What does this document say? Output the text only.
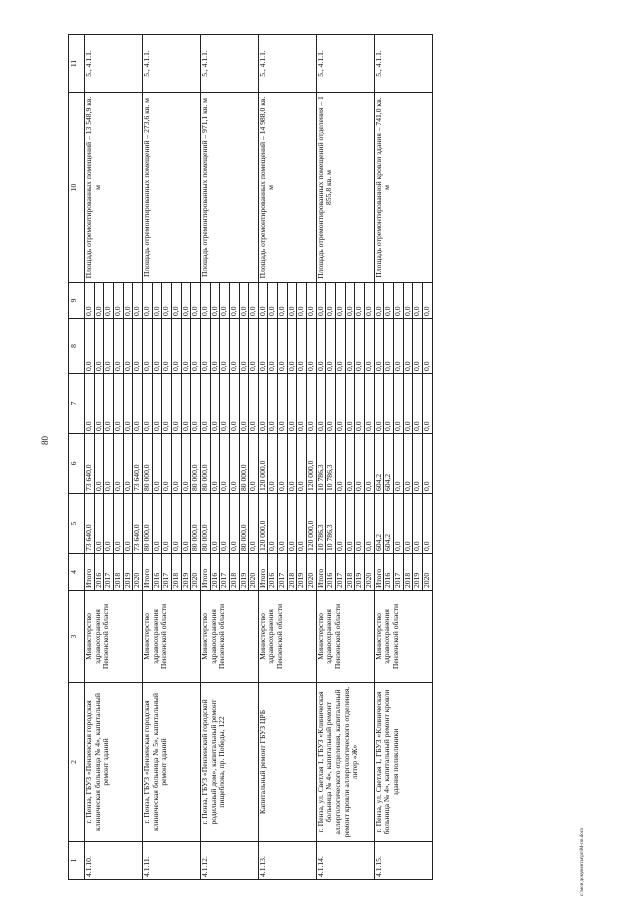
80
1	2	3	4	5	6	7	8	9	10	11
4.1.10.	г. Пенза, ГБУЗ «Пензенская городская клиническая больница № 4», капитальный ремонт зданий	Министерство здравоохранения Пензенской области	Итого	73 640,0	73 640,0	0,0	0,0	0,0	Площадь отремонтированных помещений – 13 548,9 кв. м	5., 4.1.1.
			2016	0,0	0,0	0,0	0,0	0,0		
			2017	0,0	0,0	0,0	0,0	0,0		
			2018	0,0	0,0	0,0	0,0	0,0		
			2019	0,0	0,0	0,0	0,0	0,0		
			2020	73 640,0	73 640,0	0,0	0,0	0,0		
4.1.11.	г. Пенза, ГБУЗ «Пензенская городская клиническая больница № 5», капитальный ремонт зданий	Министерство здравоохранения Пензенской области	Итого	80 000,0	80 000,0	0,0	0,0	0,0	Площадь отремонтированных помещений – 273,6 кв. м	5., 4.1.1.
			2016	0,0	0,0	0,0	0,0	0,0		
			2017	0,0	0,0	0,0	0,0	0,0		
			2018	0,0	0,0	0,0	0,0	0,0		
			2019	0,0	0,0	0,0	0,0	0,0		
			2020	80 000,0	80 000,0	0,0	0,0	0,0		
4.1.12.	г. Пенза, ГБУЗ «Пензенский городской родильный дом», капитальный ремонт пищеблока, пр. Победы, 122	Министерство здравоохранения Пензенской области	Итого	80 000,0	80 000,0	0,0	0,0	0,0	Площадь отремонтированных помещений – 971,1 кв. м	5., 4.1.1.
			2016	0,0	0,0	0,0	0,0	0,0		
			2017	0,0	0,0	0,0	0,0	0,0		
			2018	0,0	0,0	0,0	0,0	0,0		
			2019	80 000,0	80 000,0	0,0	0,0	0,0		
			2020	0,0	0,0	0,0	0,0	0,0		
4.1.13.	Капитальный ремонт ГБУЗ ЦРБ	Министерство здравоохранения Пензенской области	Итого	120 000,0	120 000,0	0,0	0,0	0,0	Площадь отремонтированных помещений – 14 988,0 кв. м	5., 4.1.1.
			2016	0,0	0,0	0,0	0,0	0,0		
			2017	0,0	0,0	0,0	0,0	0,0		
			2018	0,0	0,0	0,0	0,0	0,0		
			2019	0,0	0,0	0,0	0,0	0,0		
			2020	120 000,0	120 000,0	0,0	0,0	0,0		
4.1.14.	г. Пенза, ул. Светлая 1, ГБУЗ «Клиническая больница № 4», капитальный ремонт аллергологического отделения, капитальный ремонт кровли аллергологического отделения, литер «Ж»	Министерство здравоохранения Пензенской области	Итого	10 786,3	10 786,3	0,0	0,0	0,0	Площадь отремонтированных помещений отделения – 1 855,8 кв. м	5., 4.1.1.
			2016	10 786,3	10 786,3	0,0	0,0	0,0		
			2017	0,0	0,0	0,0	0,0	0,0		
			2018	0,0	0,0	0,0	0,0	0,0		
			2019	0,0	0,0	0,0	0,0	0,0		
			2020	0,0	0,0	0,0	0,0	0,0		
4.1.15.	г. Пенза, ул. Светлая 1, ГБУЗ «Клиническая больница № 4», капитальный ремонт кровли здания поликлиники	Министерство здравоохранения Пензенской области	Итого	604,2	604,2	0,0	0,0	0,0	Площадь отремонтированной кровли здания – 741,0 кв. м	5., 4.1.1.
			2016	604,2	604,2	0,0	0,0	0,0		
			2017	0,0	0,0	0,0	0,0	0,0		
			2018	0,0	0,0	0,0	0,0	0,0		
			2019	0,0	0,0	0,0	0,0	0,0		
			2020	0,0	0,0	0,0	0,0	0,0		
c:\мои документы\рп\М-пп.docx
